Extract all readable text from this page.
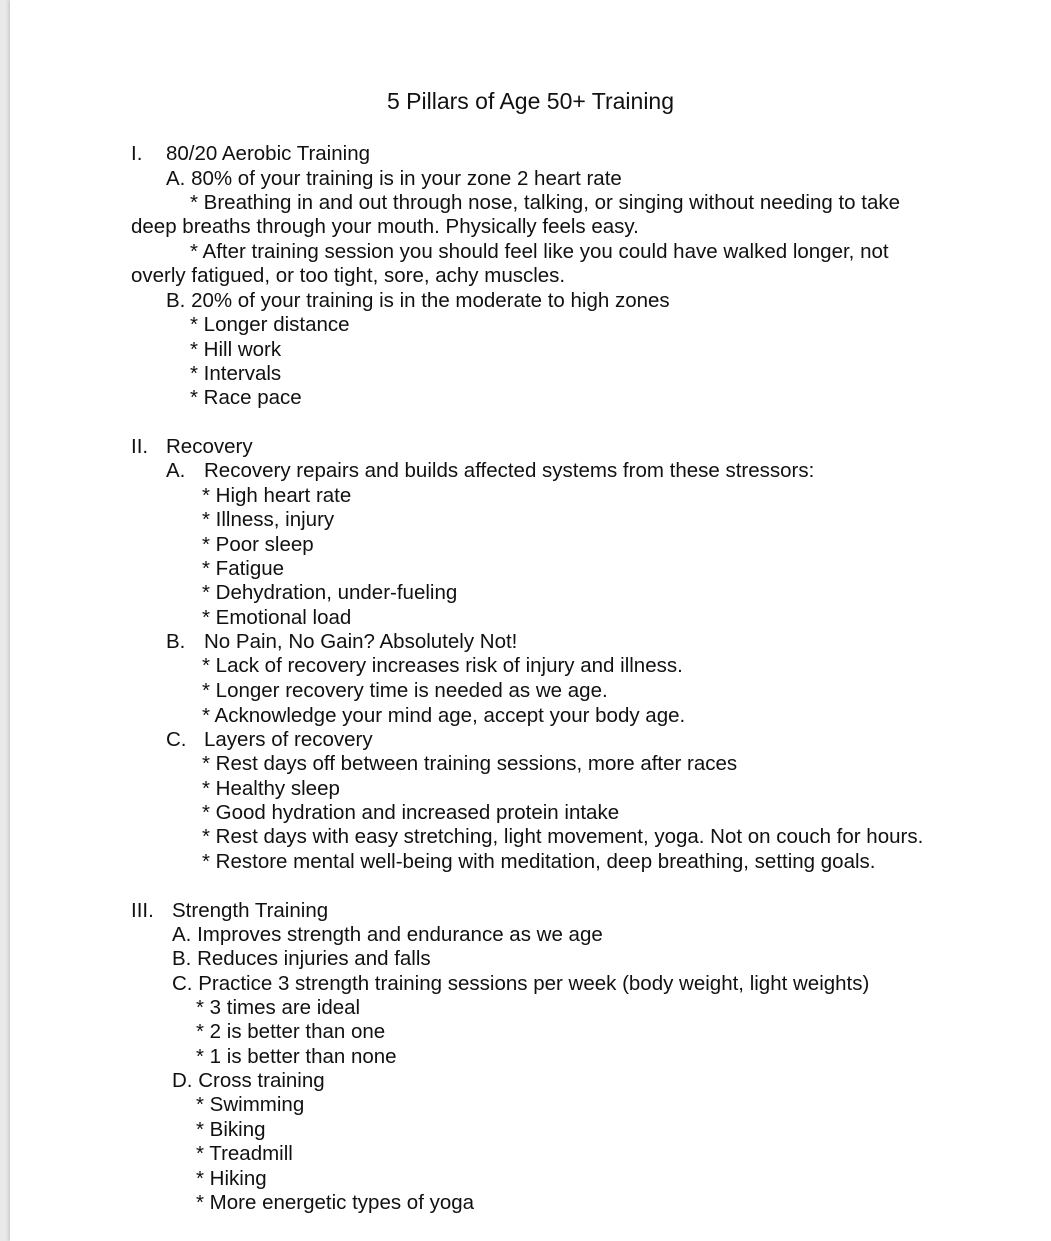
5 Pillars of Age 50+ Training
I. 80/20 Aerobic Training
A. 80% of your training is in your zone 2 heart rate
* Breathing in and out through nose, talking, or singing without needing to take
deep breaths through your mouth. Physically feels easy.
* After training session you should feel like you could have walked longer, not
overly fatigued, or too tight, sore, achy muscles.
B. 20% of your training is in the moderate to high zones
* Longer distance
* Hill work
* Intervals
* Race pace
II. Recovery
A. Recovery repairs and builds affected systems from these stressors:
* High heart rate
* Illness, injury
* Poor sleep
* Fatigue
* Dehydration, under-fueling
* Emotional load
B. No Pain, No Gain? Absolutely Not!
* Lack of recovery increases risk of injury and illness.
* Longer recovery time is needed as we age.
* Acknowledge your mind age, accept your body age.
C. Layers of recovery
* Rest days off between training sessions, more after races
* Healthy sleep
* Good hydration and increased protein intake
* Rest days with easy stretching, light movement, yoga. Not on couch for hours.
* Restore mental well-being with meditation, deep breathing, setting goals.
III. Strength Training
A. Improves strength and endurance as we age
B. Reduces injuries and falls
C. Practice 3 strength training sessions per week (body weight, light weights)
* 3 times are ideal
* 2 is better than one
* 1 is better than none
D. Cross training
* Swimming
* Biking
* Treadmill
* Hiking
* More energetic types of yoga
